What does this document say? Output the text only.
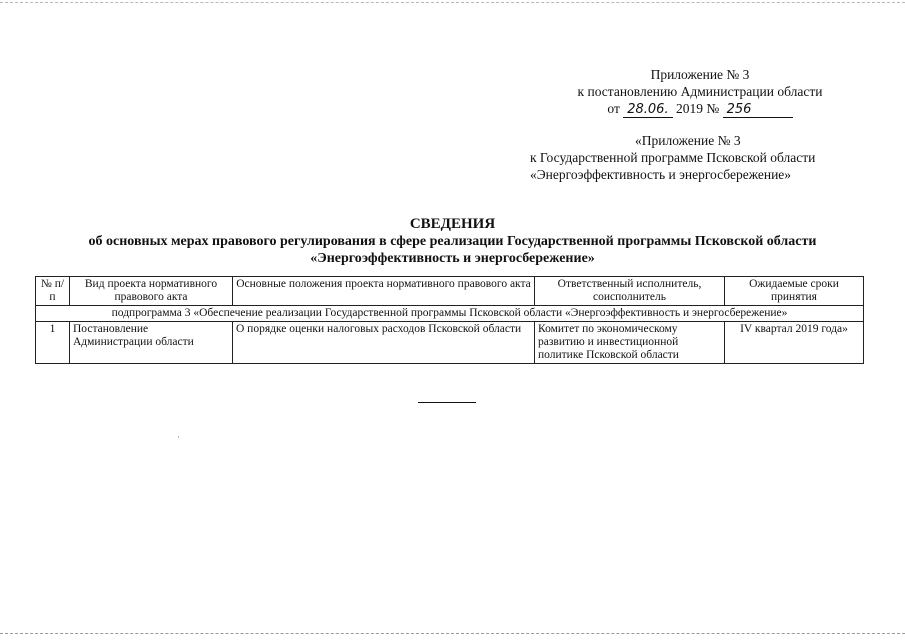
Приложение № 3
к постановлению Администрации области
от 28.06. 2019 № 256
«Приложение № 3
к Государственной программе Псковской области
«Энергоэффективность и энергосбережение»
СВЕДЕНИЯ
об основных мерах правового регулирования в сфере реализации Государственной программы Псковской области
«Энергоэффективность и энергосбережение»
№ п/п	Вид проекта нормативного правового акта	Основные положения проекта нормативного правового акта	Ответственный исполнитель, соисполнитель	Ожидаемые сроки принятия
подпрограмма 3 «Обеспечение реализации Государственной программы Псковской области «Энергоэффективность и энергосбережение»				
1	Постановление Администрации области	О порядке оценки налоговых расходов Псковской области	Комитет по экономическому развитию и инвестиционной политике Псковской области	IV квартал 2019 года»
